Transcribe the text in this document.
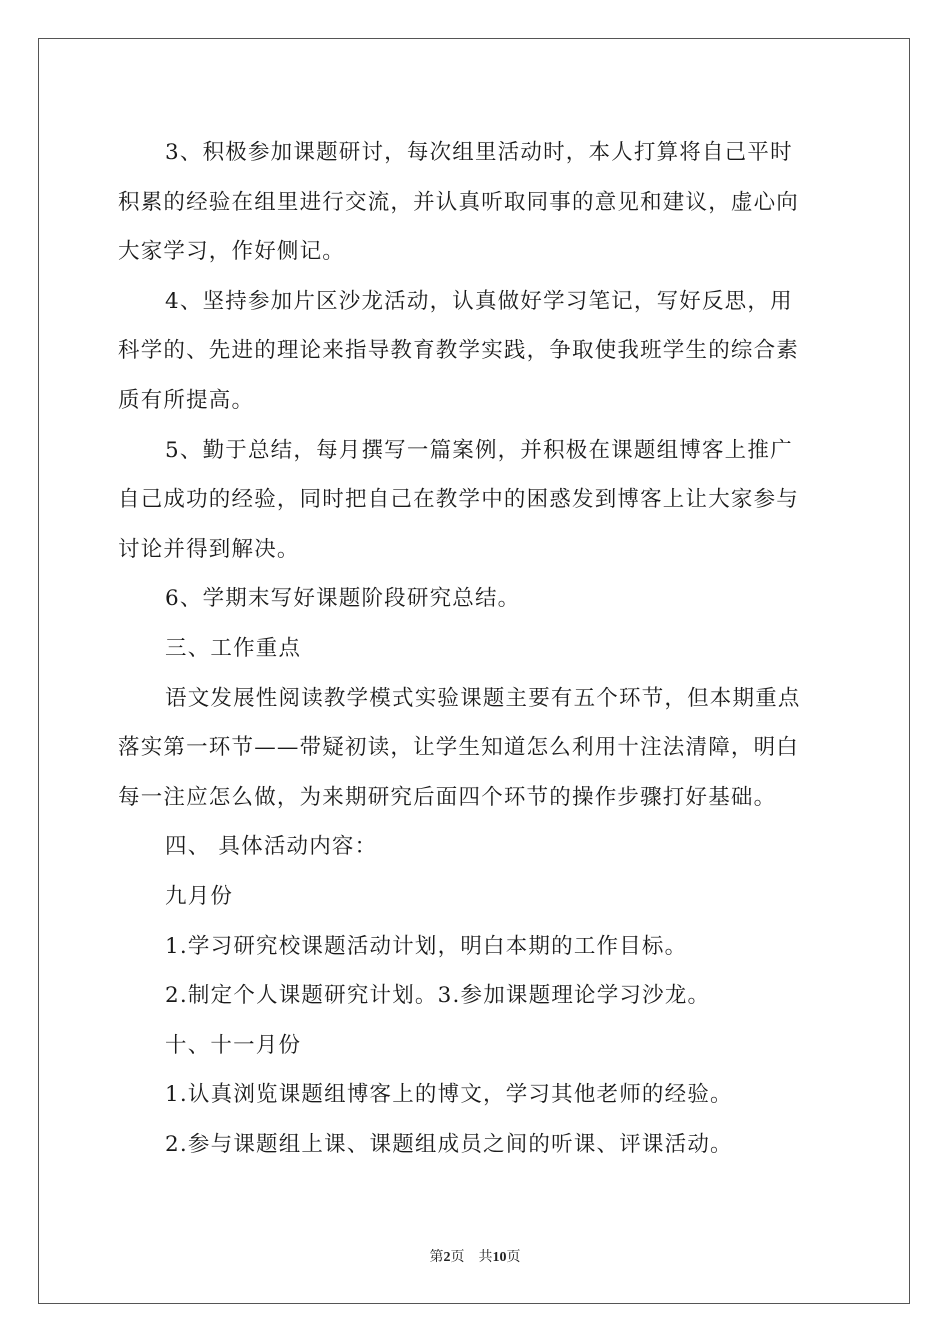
3、积极参加课题研讨，每次组里活动时，本人打算将自己平时
积累的经验在组里进行交流，并认真听取同事的意见和建议，虚心向
大家学习，作好侧记。
4、坚持参加片区沙龙活动，认真做好学习笔记，写好反思，用
科学的、先进的理论来指导教育教学实践，争取使我班学生的综合素
质有所提高。
5、勤于总结，每月撰写一篇案例，并积极在课题组博客上推广
自己成功的经验，同时把自己在教学中的困惑发到博客上让大家参与
讨论并得到解决。
6、学期末写好课题阶段研究总结。
三、工作重点
语文发展性阅读教学模式实验课题主要有五个环节，但本期重点
落实第一环节——带疑初读，让学生知道怎么利用十注法清障，明白
每一注应怎么做，为来期研究后面四个环节的操作步骤打好基础。
四、 具体活动内容：
九月份
1.学习研究校课题活动计划，明白本期的工作目标。
2.制定个人课题研究计划。3.参加课题理论学习沙龙。
十、十一月份
1.认真浏览课题组博客上的博文，学习其他老师的经验。
2.参与课题组上课、课题组成员之间的听课、评课活动。
第2页 共10页
